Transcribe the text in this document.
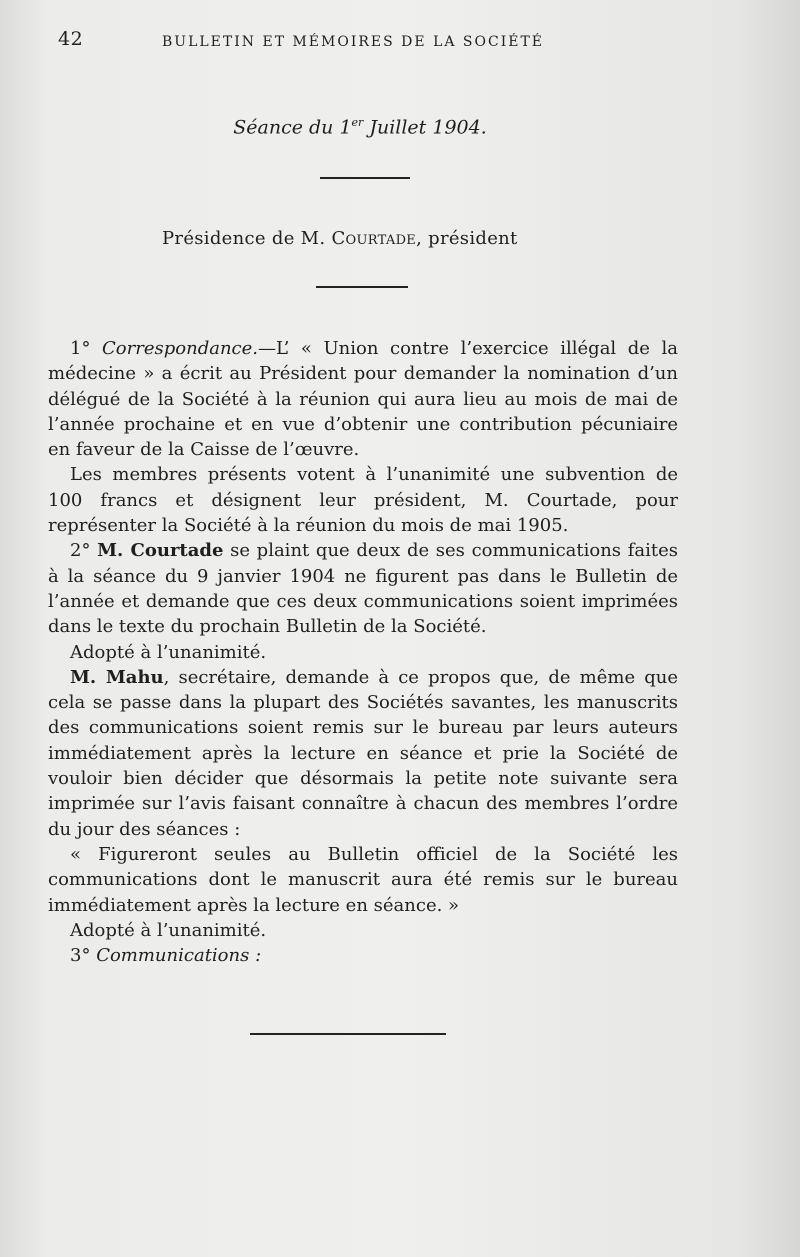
42	BULLETIN ET MÉMOIRES DE LA SOCIÉTÉ
Séance du 1er Juillet 1904.
Présidence de M. Courtade, président

1° Correspondance.—L’ « Union contre l’exercice illégal de la médecine » a écrit au Président pour demander la nomination d’un délégué de la Société à la réunion qui aura lieu au mois de mai de l’année prochaine et en vue d’obtenir une contribution pécuniaire en faveur de la Caisse de l’œuvre.

Les membres présents votent à l’unanimité une subvention de 100 francs et désignent leur président, M. Courtade, pour représenter la Société à la réunion du mois de mai 1905.

2° M. Courtade se plaint que deux de ses communications faites à la séance du 9 janvier 1904 ne figurent pas dans le Bulletin de l’année et demande que ces deux communications soient imprimées dans le texte du prochain Bulletin de la Société.

Adopté à l’unanimité.

M. Mahu, secrétaire, demande à ce propos que, de même que cela se passe dans la plupart des Sociétés savantes, les manuscrits des communications soient remis sur le bureau par leurs auteurs immédiatement après la lecture en séance et prie la Société de vouloir bien décider que désormais la petite note suivante sera imprimée sur l’avis faisant connaître à chacun des membres l’ordre du jour des séances :

« Figureront seules au Bulletin officiel de la Société les communications dont le manuscrit aura été remis sur le bureau immédiatement après la lecture en séance. »

Adopté à l’unanimité.

3° Communications :
